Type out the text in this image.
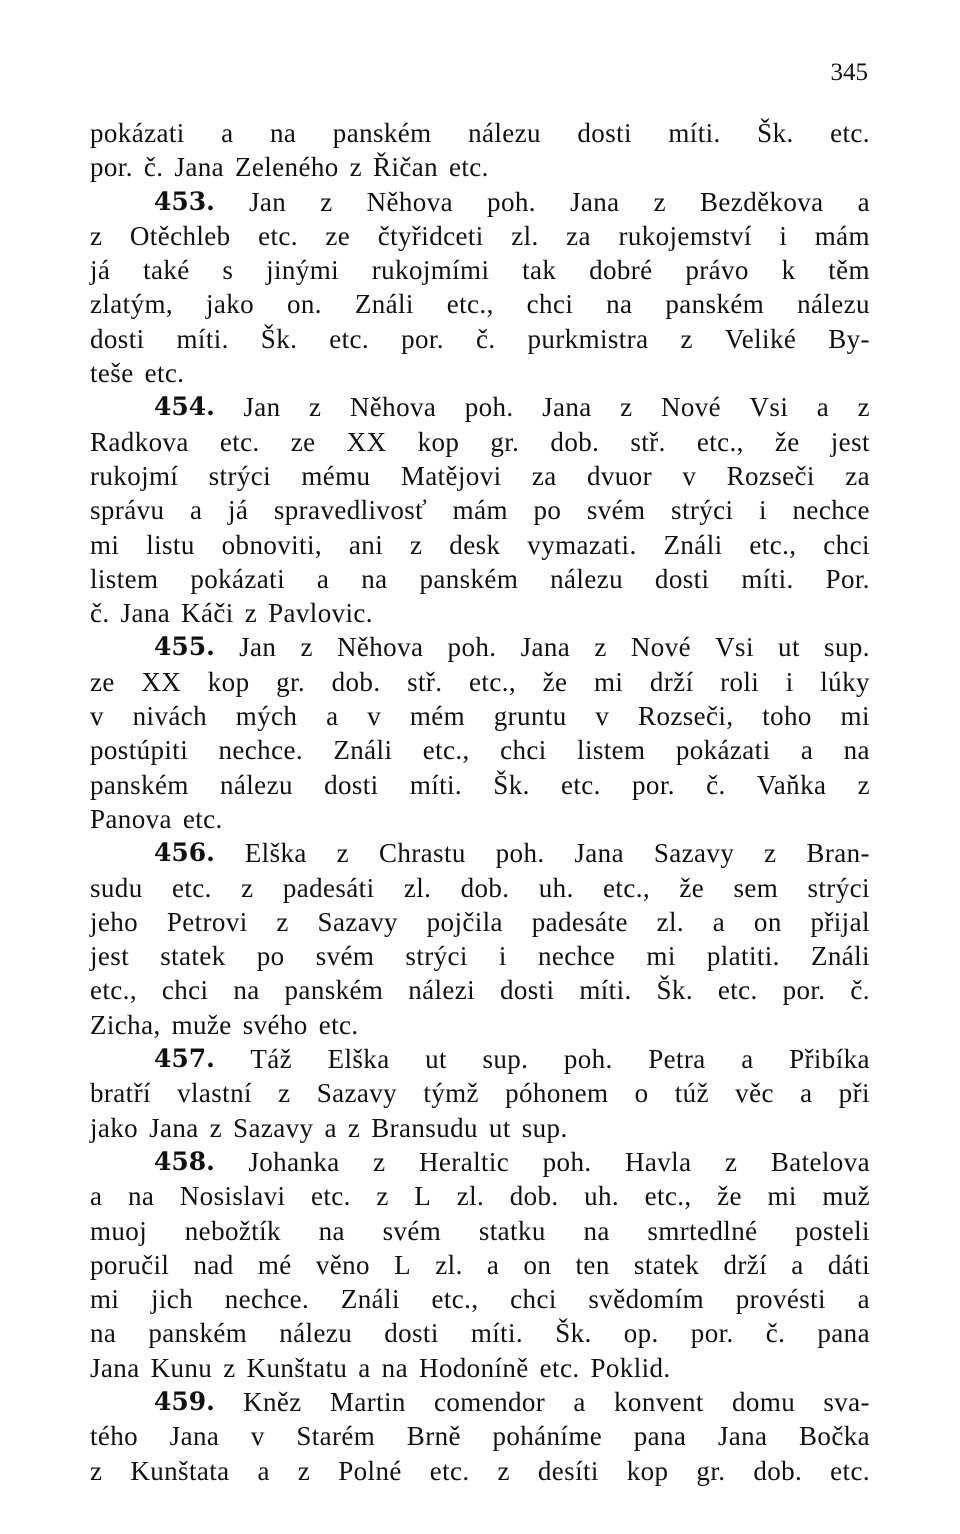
345
pokázati a na panském nálezu dosti míti. Šk. etc.
por. č. Jana Zeleného z Řičan etc.
453. Jan z Něhova poh. Jana z Bezděkova a
z Otěchleb etc. ze čtyřidceti zl. za rukojemství i mám
já také s jinými rukojmími tak dobré právo k těm
zlatým, jako on. Ználi etc., chci na panském nálezu
dosti míti. Šk. etc. por. č. purkmistra z Veliké By-
teše etc.
454. Jan z Něhova poh. Jana z Nové Vsi a z
Radkova etc. ze XX kop gr. dob. stř. etc., že jest
rukojmí strýci mému Matějovi za dvuor v Rozseči za
správu a já spravedlivosť mám po svém strýci i nechce
mi listu obnoviti, ani z desk vymazati. Ználi etc., chci
listem pokázati a na panském nálezu dosti míti. Por.
č. Jana Káči z Pavlovic.
455. Jan z Něhova poh. Jana z Nové Vsi ut sup.
ze XX kop gr. dob. stř. etc., že mi drží roli i lúky
v nivách mých a v mém gruntu v Rozseči, toho mi
postúpiti nechce. Ználi etc., chci listem pokázati a na
panském nálezu dosti míti. Šk. etc. por. č. Vaňka z
Panova etc.
456. Elška z Chrastu poh. Jana Sazavy z Bran-
sudu etc. z padesáti zl. dob. uh. etc., že sem strýci
jeho Petrovi z Sazavy pojčila padesáte zl. a on přijal
jest statek po svém strýci i nechce mi platiti. Ználi
etc., chci na panském nálezi dosti míti. Šk. etc. por. č.
Zicha, muže svého etc.
457. Táž Elška ut sup. poh. Petra a Přibíka
bratří vlastní z Sazavy týmž póhonem o túž věc a při
jako Jana z Sazavy a z Bransudu ut sup.
458. Johanka z Heraltic poh. Havla z Batelova
a na Nosislavi etc. z L zl. dob. uh. etc., že mi muž
muoj nebožtík na svém statku na smrtedlné posteli
poručil nad mé věno L zl. a on ten statek drží a dáti
mi jich nechce. Ználi etc., chci svědomím provésti a
na panském nálezu dosti míti. Šk. op. por. č. pana
Jana Kunu z Kunštatu a na Hodoníně etc. Poklid.
459. Kněz Martin comendor a konvent domu sva-
tého Jana v Starém Brně poháníme pana Jana Bočka
z Kunštata a z Polné etc. z desíti kop gr. dob. etc.
